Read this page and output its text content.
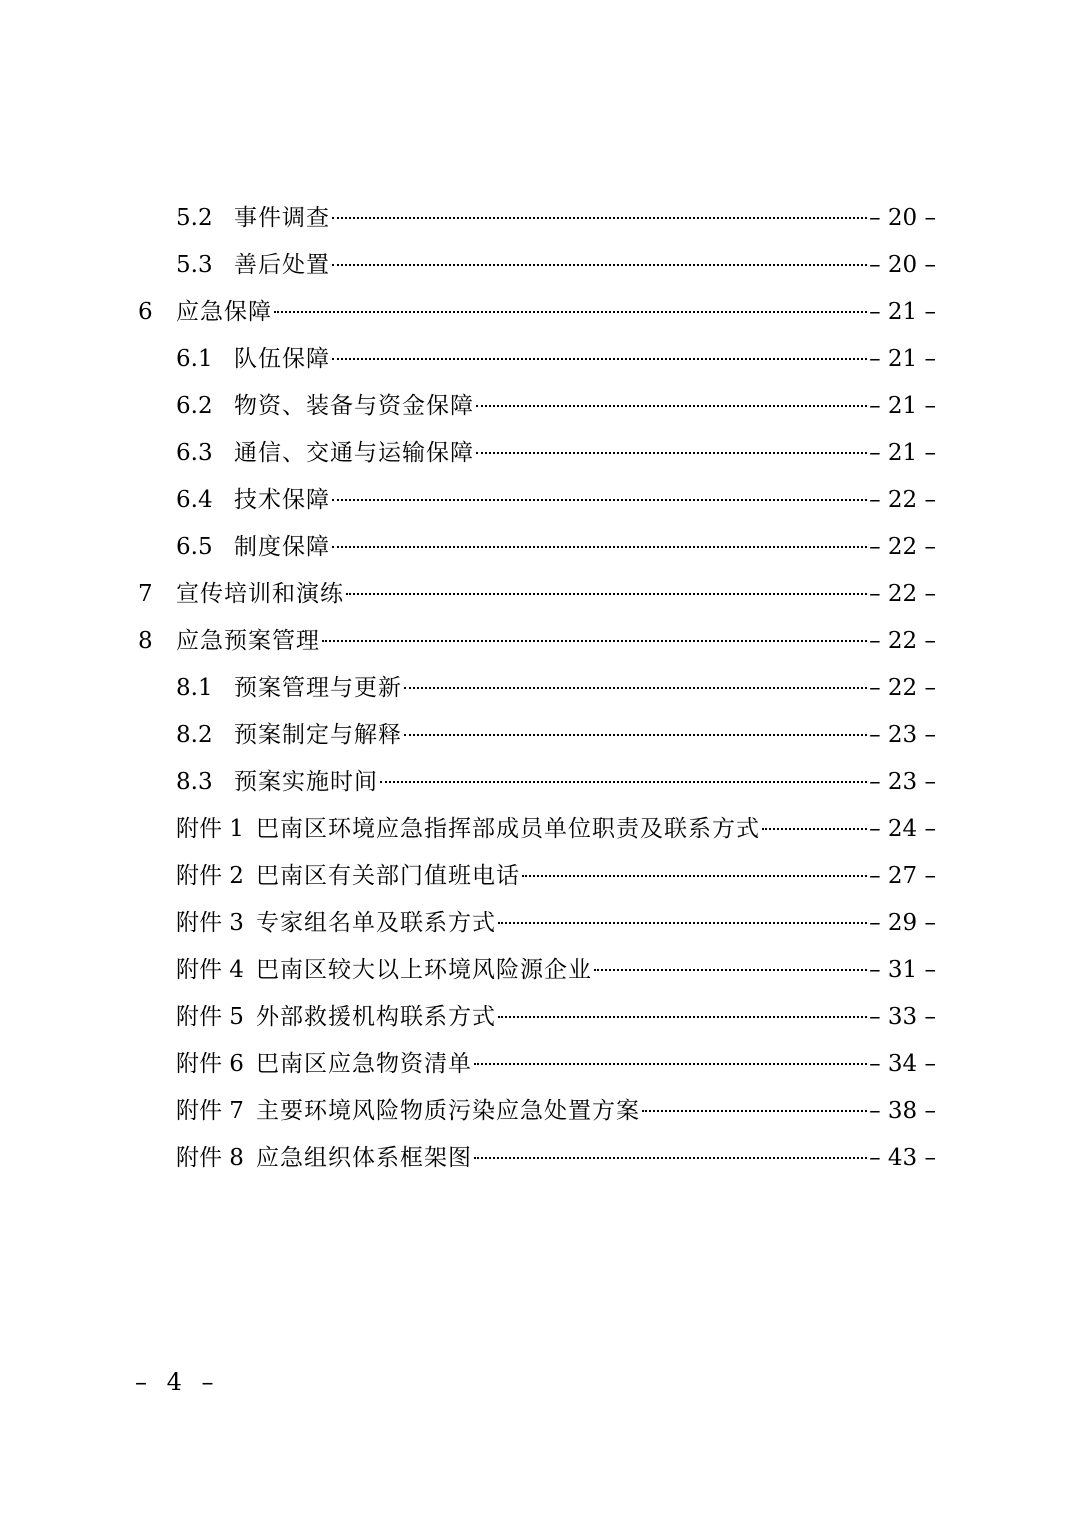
5.2 事件调查	– 20 –
5.3 善后处置	– 20 –
6	应急保障	– 21 –
6.1 队伍保障	– 21 –
6.2 物资、装备与资金保障	– 21 –
6.3 通信、交通与运输保障	– 21 –
6.4 技术保障	– 22 –
6.5 制度保障	– 22 –
7	宣传培训和演练	– 22 –
8	应急预案管理	– 22 –
8.1 预案管理与更新	– 22 –
8.2 预案制定与解释	– 23 –
8.3 预案实施时间	– 23 –
附件 1 巴南区环境应急指挥部成员单位职责及联系方式	– 24 –
附件 2 巴南区有关部门值班电话	– 27 –
附件 3 专家组名单及联系方式	– 29 –
附件 4 巴南区较大以上环境风险源企业	– 31 –
附件 5 外部救援机构联系方式	– 33 –
附件 6 巴南区应急物资清单	– 34 –
附件 7 主要环境风险物质污染应急处置方案	– 38 –
附件 8 应急组织体系框架图	– 43 –
– 4 –
